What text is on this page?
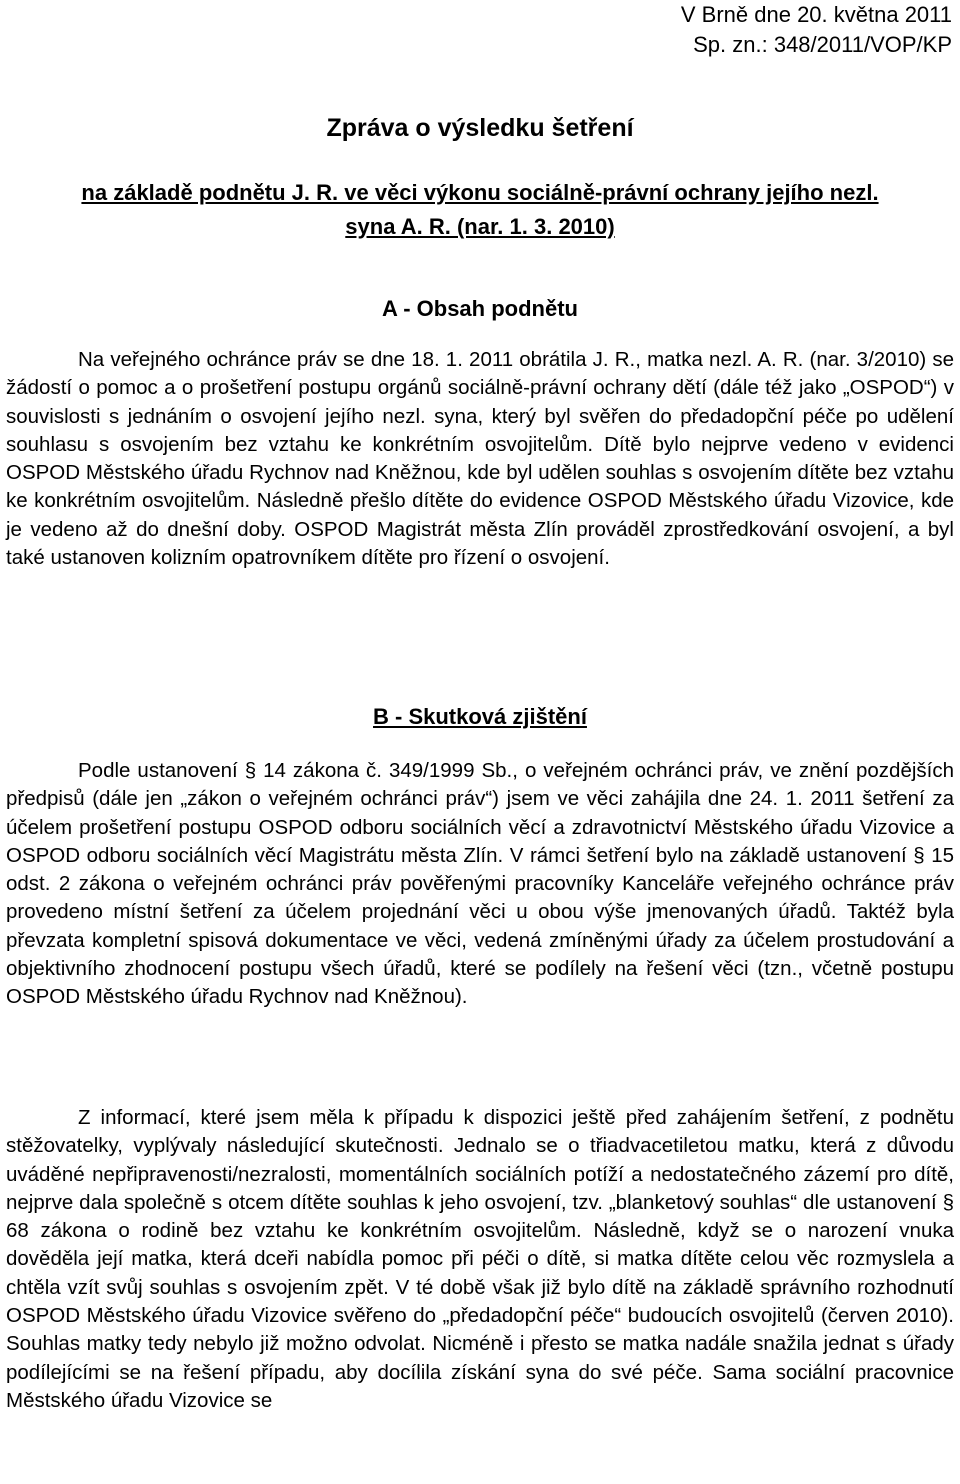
V Brně dne 20. května 2011
Sp. zn.: 348/2011/VOP/KP
Zpráva o výsledku šetření
na základě podnětu J. R. ve věci výkonu sociálně-právní ochrany jejího nezl.
syna A. R. (nar. 1. 3. 2010)
A - Obsah podnětu

Na veřejného ochránce práv se dne 18. 1. 2011 obrátila J. R., matka nezl. A. R. (nar. 3/2010) se žádostí o pomoc a o prošetření postupu orgánů sociálně-právní ochrany dětí (dále též jako „OSPOD“) v souvislosti s jednáním o osvojení jejího nezl. syna, který byl svěřen do předadopční péče po udělení souhlasu s osvojením bez vztahu ke konkrétním osvojitelům. Dítě bylo nejprve vedeno v evidenci OSPOD Městského úřadu Rychnov nad Kněžnou, kde byl udělen souhlas s osvojením dítěte bez vztahu ke konkrétním osvojitelům. Následně přešlo dítěte do evidence OSPOD Městského úřadu Vizovice, kde je vedeno až do dnešní doby. OSPOD Magistrát města Zlín prováděl zprostředkování osvojení, a byl také ustanoven kolizním opatrovníkem dítěte pro řízení o osvojení.

B - Skutková zjištění

Podle ustanovení § 14 zákona č. 349/1999 Sb., o veřejném ochránci práv, ve znění pozdějších předpisů (dále jen „zákon o veřejném ochránci práv“) jsem ve věci zahájila dne 24. 1. 2011 šetření za účelem prošetření postupu OSPOD odboru sociálních věcí a zdravotnictví Městského úřadu Vizovice a OSPOD odboru sociálních věcí Magistrátu města Zlín. V rámci šetření bylo na základě ustanovení § 15 odst. 2 zákona o veřejném ochránci práv pověřenými pracovníky Kanceláře veřejného ochránce práv provedeno místní šetření za účelem projednání věci u obou výše jmenovaných úřadů. Taktéž byla převzata kompletní spisová dokumentace ve věci, vedená zmíněnými úřady za účelem prostudování a objektivního zhodnocení postupu všech úřadů, které se podílely na řešení věci (tzn., včetně postupu OSPOD Městského úřadu Rychnov nad Kněžnou).

Z informací, které jsem měla k případu k dispozici ještě před zahájením šetření, z podnětu stěžovatelky, vyplývaly následující skutečnosti. Jednalo se o třiadvacetiletou matku, která z důvodu uváděné nepřipravenosti/nezralosti, momentálních sociálních potíží a nedostatečného zázemí pro dítě, nejprve dala společně s otcem dítěte souhlas k jeho osvojení, tzv. „blanketový souhlas“ dle ustanovení § 68 zákona o rodině bez vztahu ke konkrétním osvojitelům. Následně, když se o narození vnuka dověděla její matka, která dceři nabídla pomoc při péči o dítě, si matka dítěte celou věc rozmyslela a chtěla vzít svůj souhlas s osvojením zpět. V té době však již bylo dítě na základě správního rozhodnutí OSPOD Městského úřadu Vizovice svěřeno do „předadopční péče“ budoucích osvojitelů (červen 2010). Souhlas matky tedy nebylo již možno odvolat. Nicméně i přesto se matka nadále snažila jednat s úřady podílejícími se na řešení případu, aby docílila získání syna do své péče. Sama sociální pracovnice Městského úřadu Vizovice se
